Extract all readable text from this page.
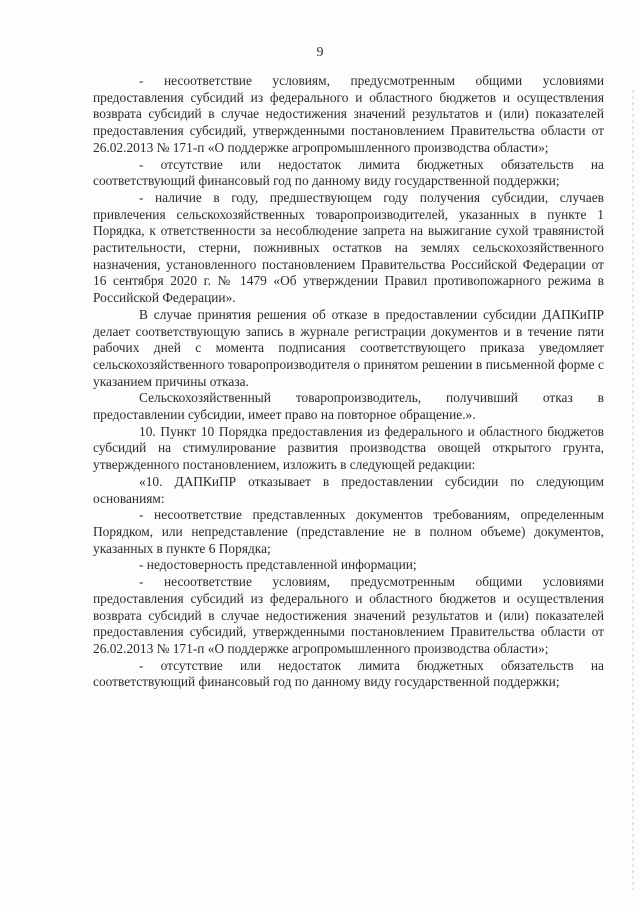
9

- несоответствие условиям, предусмотренным общими условиями предоставления субсидий из федерального и областного бюджетов и осуществления возврата субсидий в случае недостижения значений результатов и (или) показателей предоставления субсидий, утвержденными постановлением Правительства области от 26.02.2013 № 171-п «О поддержке агропромышленного производства области»;

- отсутствие или недостаток лимита бюджетных обязательств на соответствующий финансовый год по данному виду государственной поддержки;

- наличие в году, предшествующем году получения субсидии, случаев привлечения сельскохозяйственных товаропроизводителей, указанных в пункте 1 Порядка, к ответственности за несоблюдение запрета на выжигание сухой травянистой растительности, стерни, пожнивных остатков на землях сельскохозяйственного назначения, установленного постановлением Правительства Российской Федерации от 16 сентября 2020 г. № 1479 «Об утверждении Правил противопожарного режима в Российской Федерации».

В случае принятия решения об отказе в предоставлении субсидии ДАПКиПР делает соответствующую запись в журнале регистрации документов и в течение пяти рабочих дней с момента подписания соответствующего приказа уведомляет сельскохозяйственного товаропроизводителя о принятом решении в письменной форме с указанием причины отказа.

Сельскохозяйственный товаропроизводитель, получивший отказ в предоставлении субсидии, имеет право на повторное обращение.».

10. Пункт 10 Порядка предоставления из федерального и областного бюджетов субсидий на стимулирование развития производства овощей открытого грунта, утвержденного постановлением, изложить в следующей редакции:

«10. ДАПКиПР отказывает в предоставлении субсидии по следующим основаниям:

- несоответствие представленных документов требованиям, определенным Порядком, или непредставление (представление не в полном объеме) документов, указанных в пункте 6 Порядка;

- недостоверность представленной информации;

- несоответствие условиям, предусмотренным общими условиями предоставления субсидий из федерального и областного бюджетов и осуществления возврата субсидий в случае недостижения значений результатов и (или) показателей предоставления субсидий, утвержденными постановлением Правительства области от 26.02.2013 № 171-п «О поддержке агропромышленного производства области»;

- отсутствие или недостаток лимита бюджетных обязательств на соответствующий финансовый год по данному виду государственной поддержки;
